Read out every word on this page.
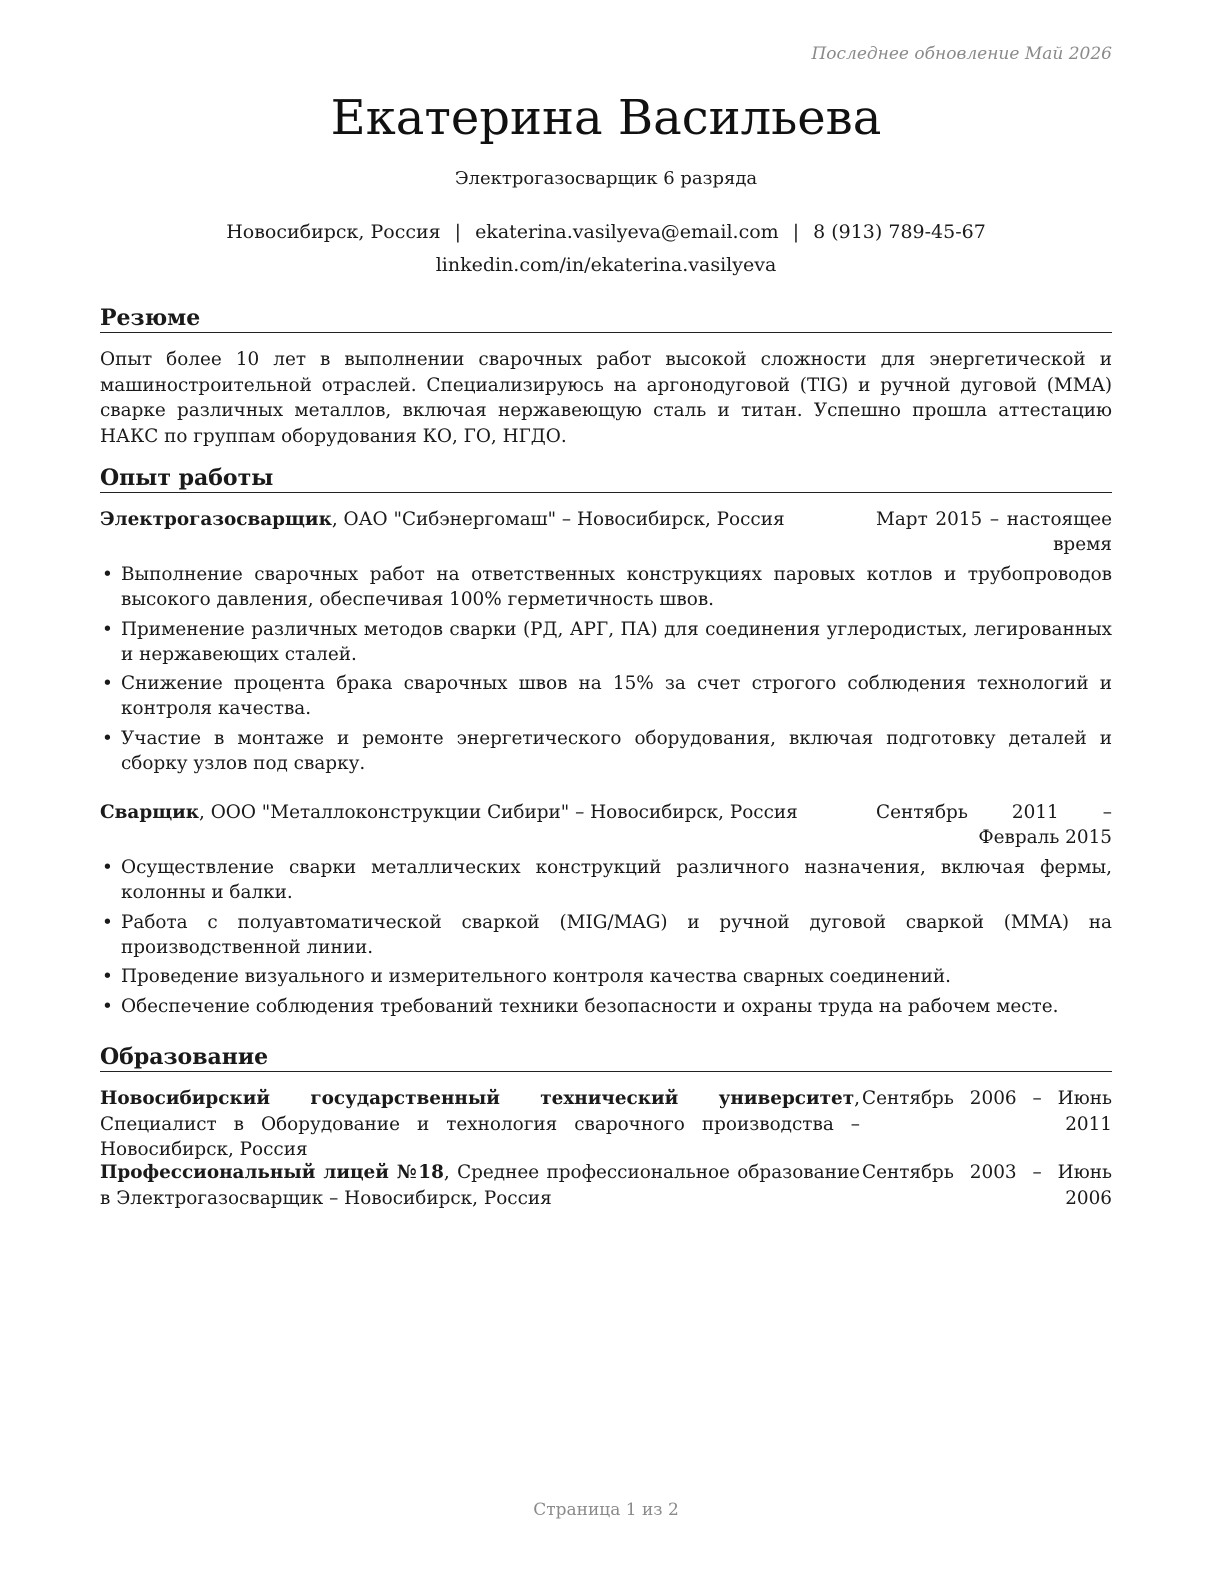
Последнее обновление Май 2026
Екатерина Васильева
Электрогазосварщик 6 разряда
Новосибирск, Россия | ekaterina.vasilyeva@email.com | 8 (913) 789-45-67
linkedin.com/in/ekaterina.vasilyeva
Резюме
Опыт более 10 лет в выполнении сварочных работ высокой сложности для энергетической и машиностроительной отраслей. Специализируюсь на аргонодуговой (TIG) и ручной дуговой (MMA) сварке различных металлов, включая нержавеющую сталь и титан. Успешно прошла аттестацию НАКС по группам оборудования КО, ГО, НГДО.
Опыт работы
Электрогазосварщик, ОАО "Сибэнергомаш" – Новосибирск, Россия	Март 2015 – настоящее время
• Выполнение сварочных работ на ответственных конструкциях паровых котлов и трубопроводов высокого давления, обеспечивая 100% герметичность швов.
• Применение различных методов сварки (РД, АРГ, ПА) для соединения углеродистых, легированных и нержавеющих сталей.
• Снижение процента брака сварочных швов на 15% за счет строгого соблюдения технологий и контроля качества.
• Участие в монтаже и ремонте энергетического оборудования, включая подготовку деталей и сборку узлов под сварку.
Сварщик, ООО "Металлоконструкции Сибири" – Новосибирск, Россия	Сентябрь 2011 – Февраль 2015
• Осуществление сварки металлических конструкций различного назначения, включая фермы, колонны и балки.
• Работа с полуавтоматической сваркой (MIG/MAG) и ручной дуговой сваркой (MMA) на производственной линии.
• Проведение визуального и измерительного контроля качества сварных соединений.
• Обеспечение соблюдения требований техники безопасности и охраны труда на рабочем месте.
Образование
Новосибирский государственный технический университет, Специалист в Оборудование и технология сварочного производства – Новосибирск, Россия
Сентябрь 2006 – Июнь 2011
Профессиональный лицей №18, Среднее профессиональное образование в Электрогазосварщик – Новосибирск, Россия
Сентябрь 2003 – Июнь 2006
Страница 1 из 2
